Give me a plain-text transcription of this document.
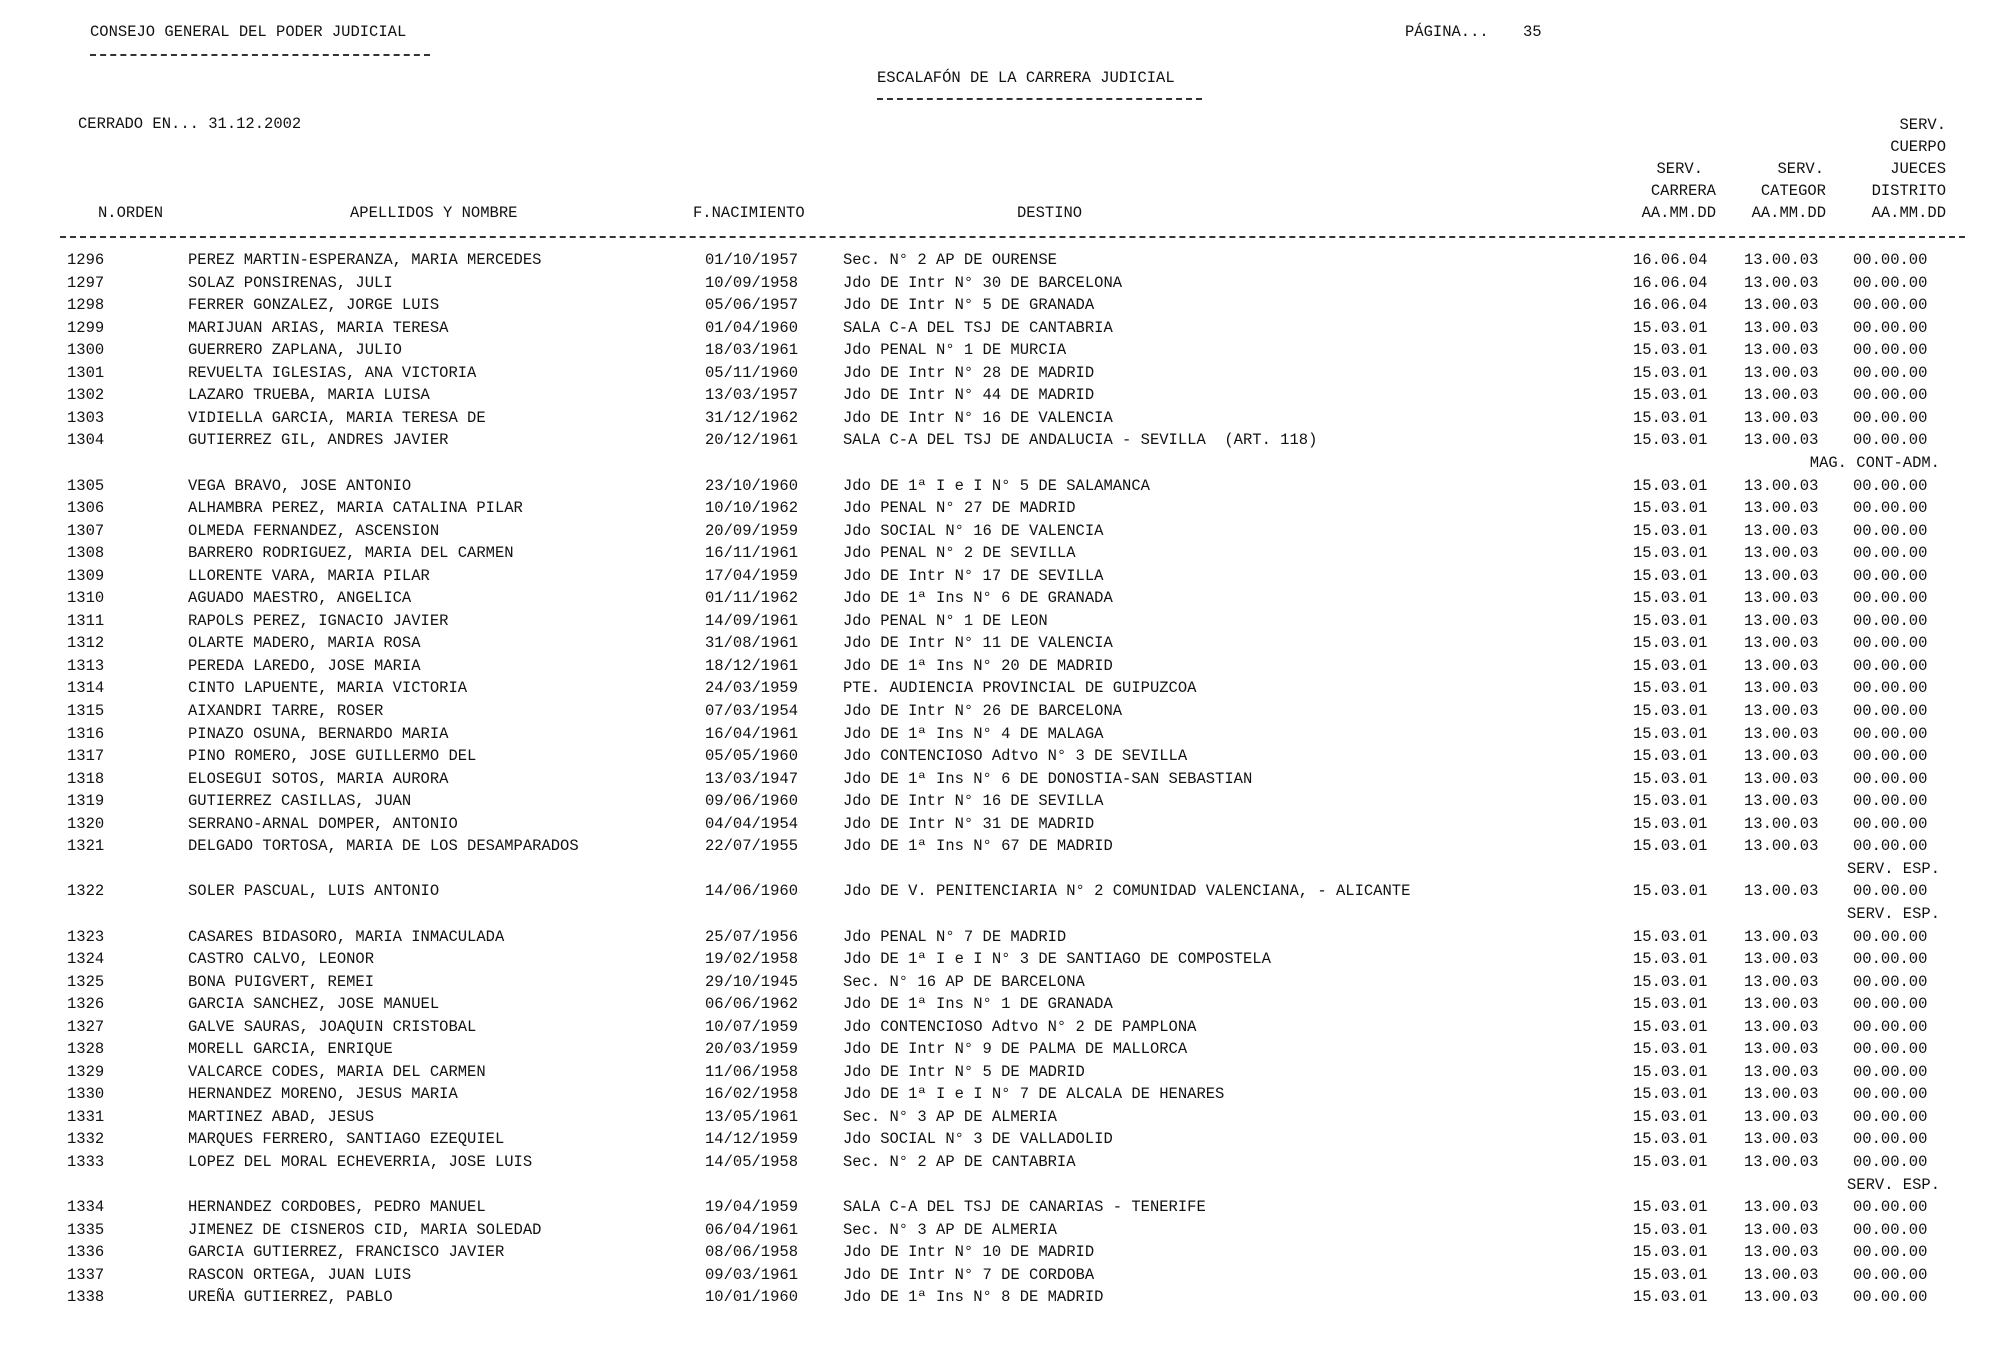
CONSEJO GENERAL DEL PODER JUDICIAL	PÁGINA... 35
ESCALAFÓN DE LA CARRERA JUDICIAL
CERRADO EN... 31.12.2002
N.ORDEN	APELLIDOS Y NOMBRE	F.NACIMIENTO	DESTINO
SERV.
CARRERA
AA.MM.DD
SERV.
CATEGOR
AA.MM.DD
SERV.
CUERPO
JUECES
DISTRITO
AA.MM.DD
1296	PEREZ MARTIN-ESPERANZA, MARIA MERCEDES	01/10/1957	Sec. N° 2 AP DE OURENSE	16.06.04 13.00.03 00.00.00
1297	SOLAZ PONSIRENAS, JULI	10/09/1958	Jdo DE Intr N° 30 DE BARCELONA	16.06.04 13.00.03 00.00.00
1298	FERRER GONZALEZ, JORGE LUIS	05/06/1957	Jdo DE Intr N° 5 DE GRANADA	16.06.04 13.00.03 00.00.00
1299	MARIJUAN ARIAS, MARIA TERESA	01/04/1960	SALA C-A DEL TSJ DE CANTABRIA	15.03.01 13.00.03 00.00.00
1300	GUERRERO ZAPLANA, JULIO	18/03/1961	Jdo PENAL N° 1 DE MURCIA	15.03.01 13.00.03 00.00.00
1301	REVUELTA IGLESIAS, ANA VICTORIA	05/11/1960	Jdo DE Intr N° 28 DE MADRID	15.03.01 13.00.03 00.00.00
1302	LAZARO TRUEBA, MARIA LUISA	13/03/1957	Jdo DE Intr N° 44 DE MADRID	15.03.01 13.00.03 00.00.00
1303	VIDIELLA GARCIA, MARIA TERESA DE	31/12/1962	Jdo DE Intr N° 16 DE VALENCIA	15.03.01 13.00.03 00.00.00
1304	GUTIERREZ GIL, ANDRES JAVIER	20/12/1961	SALA C-A DEL TSJ DE ANDALUCIA - SEVILLA  (ART. 118)	15.03.01 13.00.03 00.00.00
MAG. CONT-ADM.
1305	VEGA BRAVO, JOSE ANTONIO	23/10/1960	Jdo DE 1ª I e I N° 5 DE SALAMANCA	15.03.01 13.00.03 00.00.00
1306	ALHAMBRA PEREZ, MARIA CATALINA PILAR	10/10/1962	Jdo PENAL N° 27 DE MADRID	15.03.01 13.00.03 00.00.00
1307	OLMEDA FERNANDEZ, ASCENSION	20/09/1959	Jdo SOCIAL N° 16 DE VALENCIA	15.03.01 13.00.03 00.00.00
1308	BARRERO RODRIGUEZ, MARIA DEL CARMEN	16/11/1961	Jdo PENAL N° 2 DE SEVILLA	15.03.01 13.00.03 00.00.00
1309	LLORENTE VARA, MARIA PILAR	17/04/1959	Jdo DE Intr N° 17 DE SEVILLA	15.03.01 13.00.03 00.00.00
1310	AGUADO MAESTRO, ANGELICA	01/11/1962	Jdo DE 1ª Ins N° 6 DE GRANADA	15.03.01 13.00.03 00.00.00
1311	RAPOLS PEREZ, IGNACIO JAVIER	14/09/1961	Jdo PENAL N° 1 DE LEON	15.03.01 13.00.03 00.00.00
1312	OLARTE MADERO, MARIA ROSA	31/08/1961	Jdo DE Intr N° 11 DE VALENCIA	15.03.01 13.00.03 00.00.00
1313	PEREDA LAREDO, JOSE MARIA	18/12/1961	Jdo DE 1ª Ins N° 20 DE MADRID	15.03.01 13.00.03 00.00.00
1314	CINTO LAPUENTE, MARIA VICTORIA	24/03/1959	PTE. AUDIENCIA PROVINCIAL DE GUIPUZCOA	15.03.01 13.00.03 00.00.00
1315	AIXANDRI TARRE, ROSER	07/03/1954	Jdo DE Intr N° 26 DE BARCELONA	15.03.01 13.00.03 00.00.00
1316	PINAZO OSUNA, BERNARDO MARIA	16/04/1961	Jdo DE 1ª Ins N° 4 DE MALAGA	15.03.01 13.00.03 00.00.00
1317	PINO ROMERO, JOSE GUILLERMO DEL	05/05/1960	Jdo CONTENCIOSO Adtvo N° 3 DE SEVILLA	15.03.01 13.00.03 00.00.00
1318	ELOSEGUI SOTOS, MARIA AURORA	13/03/1947	Jdo DE 1ª Ins N° 6 DE DONOSTIA-SAN SEBASTIAN	15.03.01 13.00.03 00.00.00
1319	GUTIERREZ CASILLAS, JUAN	09/06/1960	Jdo DE Intr N° 16 DE SEVILLA	15.03.01 13.00.03 00.00.00
1320	SERRANO-ARNAL DOMPER, ANTONIO	04/04/1954	Jdo DE Intr N° 31 DE MADRID	15.03.01 13.00.03 00.00.00
1321	DELGADO TORTOSA, MARIA DE LOS DESAMPARADOS	22/07/1955	Jdo DE 1ª Ins N° 67 DE MADRID	15.03.01 13.00.03 00.00.00
SERV. ESP.
1322	SOLER PASCUAL, LUIS ANTONIO	14/06/1960	Jdo DE V. PENITENCIARIA N° 2 COMUNIDAD VALENCIANA, - ALICANTE	15.03.01 13.00.03 00.00.00
SERV. ESP.
1323	CASARES BIDASORO, MARIA INMACULADA	25/07/1956	Jdo PENAL N° 7 DE MADRID	15.03.01 13.00.03 00.00.00
1324	CASTRO CALVO, LEONOR	19/02/1958	Jdo DE 1ª I e I N° 3 DE SANTIAGO DE COMPOSTELA	15.03.01 13.00.03 00.00.00
1325	BONA PUIGVERT, REMEI	29/10/1945	Sec. N° 16 AP DE BARCELONA	15.03.01 13.00.03 00.00.00
1326	GARCIA SANCHEZ, JOSE MANUEL	06/06/1962	Jdo DE 1ª Ins N° 1 DE GRANADA	15.03.01 13.00.03 00.00.00
1327	GALVE SAURAS, JOAQUIN CRISTOBAL	10/07/1959	Jdo CONTENCIOSO Adtvo N° 2 DE PAMPLONA	15.03.01 13.00.03 00.00.00
1328	MORELL GARCIA, ENRIQUE	20/03/1959	Jdo DE Intr N° 9 DE PALMA DE MALLORCA	15.03.01 13.00.03 00.00.00
1329	VALCARCE CODES, MARIA DEL CARMEN	11/06/1958	Jdo DE Intr N° 5 DE MADRID	15.03.01 13.00.03 00.00.00
1330	HERNANDEZ MORENO, JESUS MARIA	16/02/1958	Jdo DE 1ª I e I N° 7 DE ALCALA DE HENARES	15.03.01 13.00.03 00.00.00
1331	MARTINEZ ABAD, JESUS	13/05/1961	Sec. N° 3 AP DE ALMERIA	15.03.01 13.00.03 00.00.00
1332	MARQUES FERRERO, SANTIAGO EZEQUIEL	14/12/1959	Jdo SOCIAL N° 3 DE VALLADOLID	15.03.01 13.00.03 00.00.00
1333	LOPEZ DEL MORAL ECHEVERRIA, JOSE LUIS	14/05/1958	Sec. N° 2 AP DE CANTABRIA	15.03.01 13.00.03 00.00.00
SERV. ESP.
1334	HERNANDEZ CORDOBES, PEDRO MANUEL	19/04/1959	SALA C-A DEL TSJ DE CANARIAS - TENERIFE	15.03.01 13.00.03 00.00.00
1335	JIMENEZ DE CISNEROS CID, MARIA SOLEDAD	06/04/1961	Sec. N° 3 AP DE ALMERIA	15.03.01 13.00.03 00.00.00
1336	GARCIA GUTIERREZ, FRANCISCO JAVIER	08/06/1958	Jdo DE Intr N° 10 DE MADRID	15.03.01 13.00.03 00.00.00
1337	RASCON ORTEGA, JUAN LUIS	09/03/1961	Jdo DE Intr N° 7 DE CORDOBA	15.03.01 13.00.03 00.00.00
1338	UREÑA GUTIERREZ, PABLO	10/01/1960	Jdo DE 1ª Ins N° 8 DE MADRID	15.03.01 13.00.03 00.00.00
